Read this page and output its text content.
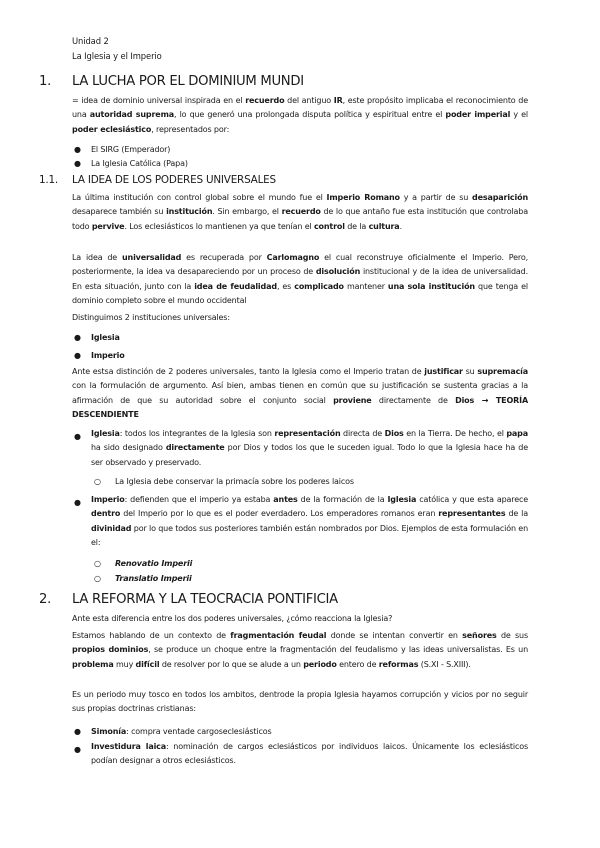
Unidad 2
La Iglesia y el Imperio
1. LA LUCHA POR EL DOMINIUM MUNDI
= idea de dominio universal inspirada en el recuerdo del antiguo IR, este propósito implicaba el reconocimiento de una autoridad suprema, lo que generó una prolongada disputa política y espiritual entre el poder imperial y el poder eclesiástico, representados por:
● El SIRG (Emperador)
● La Iglesia Católica (Papa)
1.1. LA IDEA DE LOS PODERES UNIVERSALES
La última institución con control global sobre el mundo fue el Imperio Romano y a partir de su desaparición desaparece también su institución. Sin embargo, el recuerdo de lo que antaño fue esta institución que controlaba todo pervive. Los eclesiásticos lo mantienen ya que tenían el control de la cultura.
La idea de universalidad es recuperada por Carlomagno el cual reconstruye oficialmente el Imperio. Pero, posteriormente, la idea va desapareciendo por un proceso de disolución institucional y de la idea de universalidad. En esta situación, junto con la idea de feudalidad, es complicado mantener una sola institución que tenga el dominio completo sobre el mundo occidental
Distinguimos 2 instituciones universales:
● Iglesia
● Imperio
Ante estsa distinción de 2 poderes universales, tanto la Iglesia como el Imperio tratan de justificar su supremacía con la formulación de argumento. Así bien, ambas tienen en común que su justificación se sustenta gracias a la afirmación de que su autoridad sobre el conjunto social proviene directamente de Dios → TEORÍA DESCENDIENTE
● Iglesia: todos los integrantes de la Iglesia son representación directa de Dios en la Tierra. De hecho, el papa ha sido designado directamente por Dios y todos los que le suceden igual. Todo lo que la Iglesia hace ha de ser observado y preservado.
○ La Iglesia debe conservar la primacía sobre los poderes laicos
● Imperio: defienden que el imperio ya estaba antes de la formación de la Iglesia católica y que esta aparece dentro del Imperio por lo que es el poder everdadero. Los emperadores romanos eran representantes de la divinidad por lo que todos sus posteriores también están nombrados por Dios. Ejemplos de esta formulación en el:
○ Renovatio Imperii
○ Translatio Imperii
2. LA REFORMA Y LA TEOCRACIA PONTIFICIA
Ante esta diferencia entre los dos poderes universales, ¿cómo reacciona la Iglesia?
Estamos hablando de un contexto de fragmentación feudal donde se intentan convertir en señores de sus propios dominios, se produce un choque entre la fragmentación del feudalismo y las ideas universalistas. Es un problema muy difícil de resolver por lo que se alude a un periodo entero de reformas (S.XI - S.XIII).
Es un periodo muy tosco en todos los ambitos, dentrode la propia Iglesia hayamos corrupción y vicios por no seguir sus propias doctrinas cristianas:
● Simonía: compra ventade cargoseclesiásticos
● Investidura laica: nominación de cargos eclesiásticos por individuos laicos. Únicamente los eclesiásticos podían designar a otros eclesiásticos.
